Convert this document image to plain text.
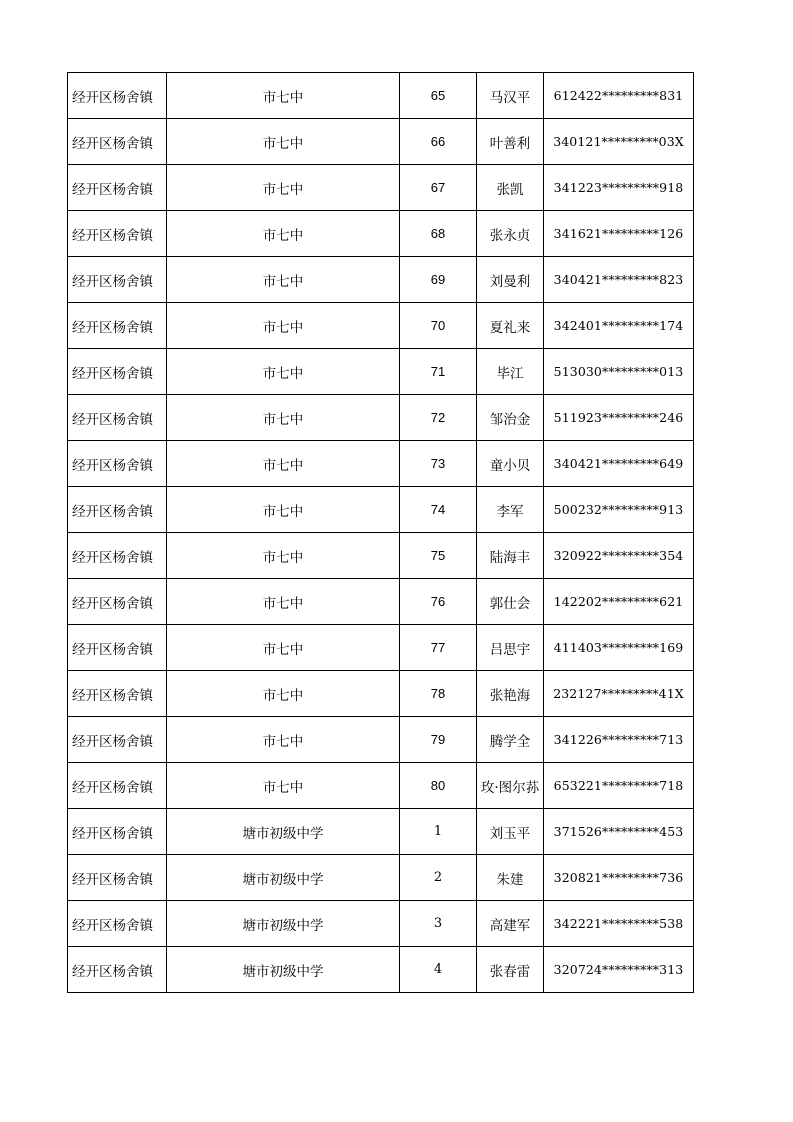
经开区杨舍镇	市七中	65	马汉平	612422*********831
经开区杨舍镇	市七中	66	叶善利	340121*********03X
经开区杨舍镇	市七中	67	张凯	341223*********918
经开区杨舍镇	市七中	68	张永贞	341621*********126
经开区杨舍镇	市七中	69	刘曼利	340421*********823
经开区杨舍镇	市七中	70	夏礼来	342401*********174
经开区杨舍镇	市七中	71	毕江	513030*********013
经开区杨舍镇	市七中	72	邹治金	511923*********246
经开区杨舍镇	市七中	73	童小贝	340421*********649
经开区杨舍镇	市七中	74	李军	500232*********913
经开区杨舍镇	市七中	75	陆海丰	320922*********354
经开区杨舍镇	市七中	76	郭仕会	142202*********621
经开区杨舍镇	市七中	77	吕思宇	411403*********169
经开区杨舍镇	市七中	78	张艳海	232127*********41X
经开区杨舍镇	市七中	79	腾学全	341226*********713
经开区杨舍镇	市七中	80	玫·图尔荪	653221*********718
经开区杨舍镇	塘市初级中学	1	刘玉平	371526*********453
经开区杨舍镇	塘市初级中学	2	朱建	320821*********736
经开区杨舍镇	塘市初级中学	3	高建军	342221*********538
经开区杨舍镇	塘市初级中学	4	张春雷	320724*********313
